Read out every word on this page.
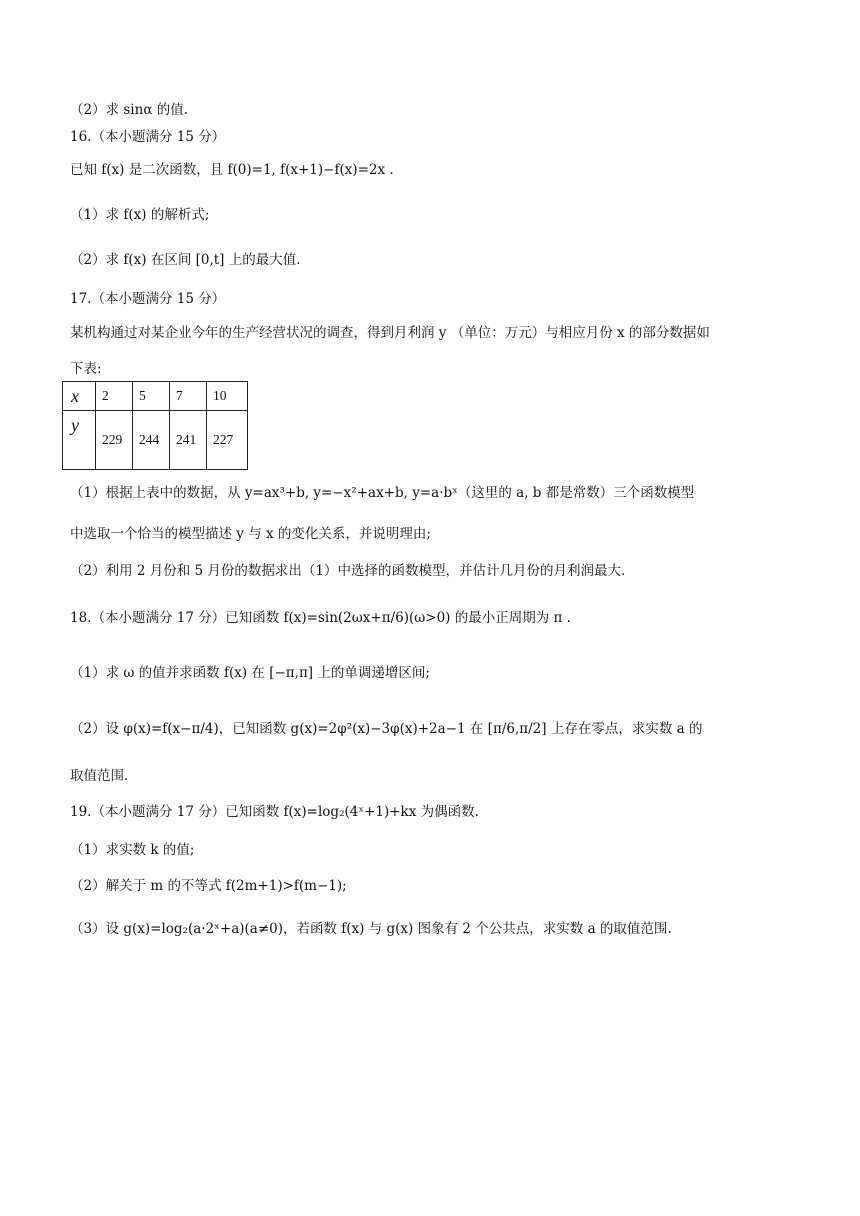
（2）求 sinα 的值.
16.（本小题满分 15 分）
已知 f(x) 是二次函数，且 f(0)=1, f(x+1)−f(x)=2x .
（1）求 f(x) 的解析式;
（2）求 f(x) 在区间 [0,t] 上的最大值.
17.（本小题满分 15 分）
某机构通过对某企业今年的生产经营状况的调查，得到月利润 y （单位：万元）与相应月份 x 的部分数据如
下表:
x	2	5	7	10
y	229	244	241	227
（1）根据上表中的数据，从 y=ax³+b, y=−x²+ax+b, y=a·bˣ（这里的 a, b 都是常数）三个函数模型
中选取一个恰当的模型描述 y 与 x 的变化关系，并说明理由;
（2）利用 2 月份和 5 月份的数据求出（1）中选择的函数模型，并估计几月份的月利润最大.
18.（本小题满分 17 分）已知函数 f(x)=sin(2ωx+π/6)(ω>0) 的最小正周期为 π .
（1）求 ω 的值并求函数 f(x) 在 [−π,π] 上的单调递增区间;
（2）设 φ(x)=f(x−π/4)，已知函数 g(x)=2φ²(x)−3φ(x)+2a−1 在 [π/6,π/2] 上存在零点，求实数 a 的
取值范围.
19.（本小题满分 17 分）已知函数 f(x)=log₂(4ˣ+1)+kx 为偶函数.
（1）求实数 k 的值;
（2）解关于 m 的不等式 f(2m+1)>f(m−1);
（3）设 g(x)=log₂(a·2ˣ+a)(a≠0)，若函数 f(x) 与 g(x) 图象有 2 个公共点，求实数 a 的取值范围.
